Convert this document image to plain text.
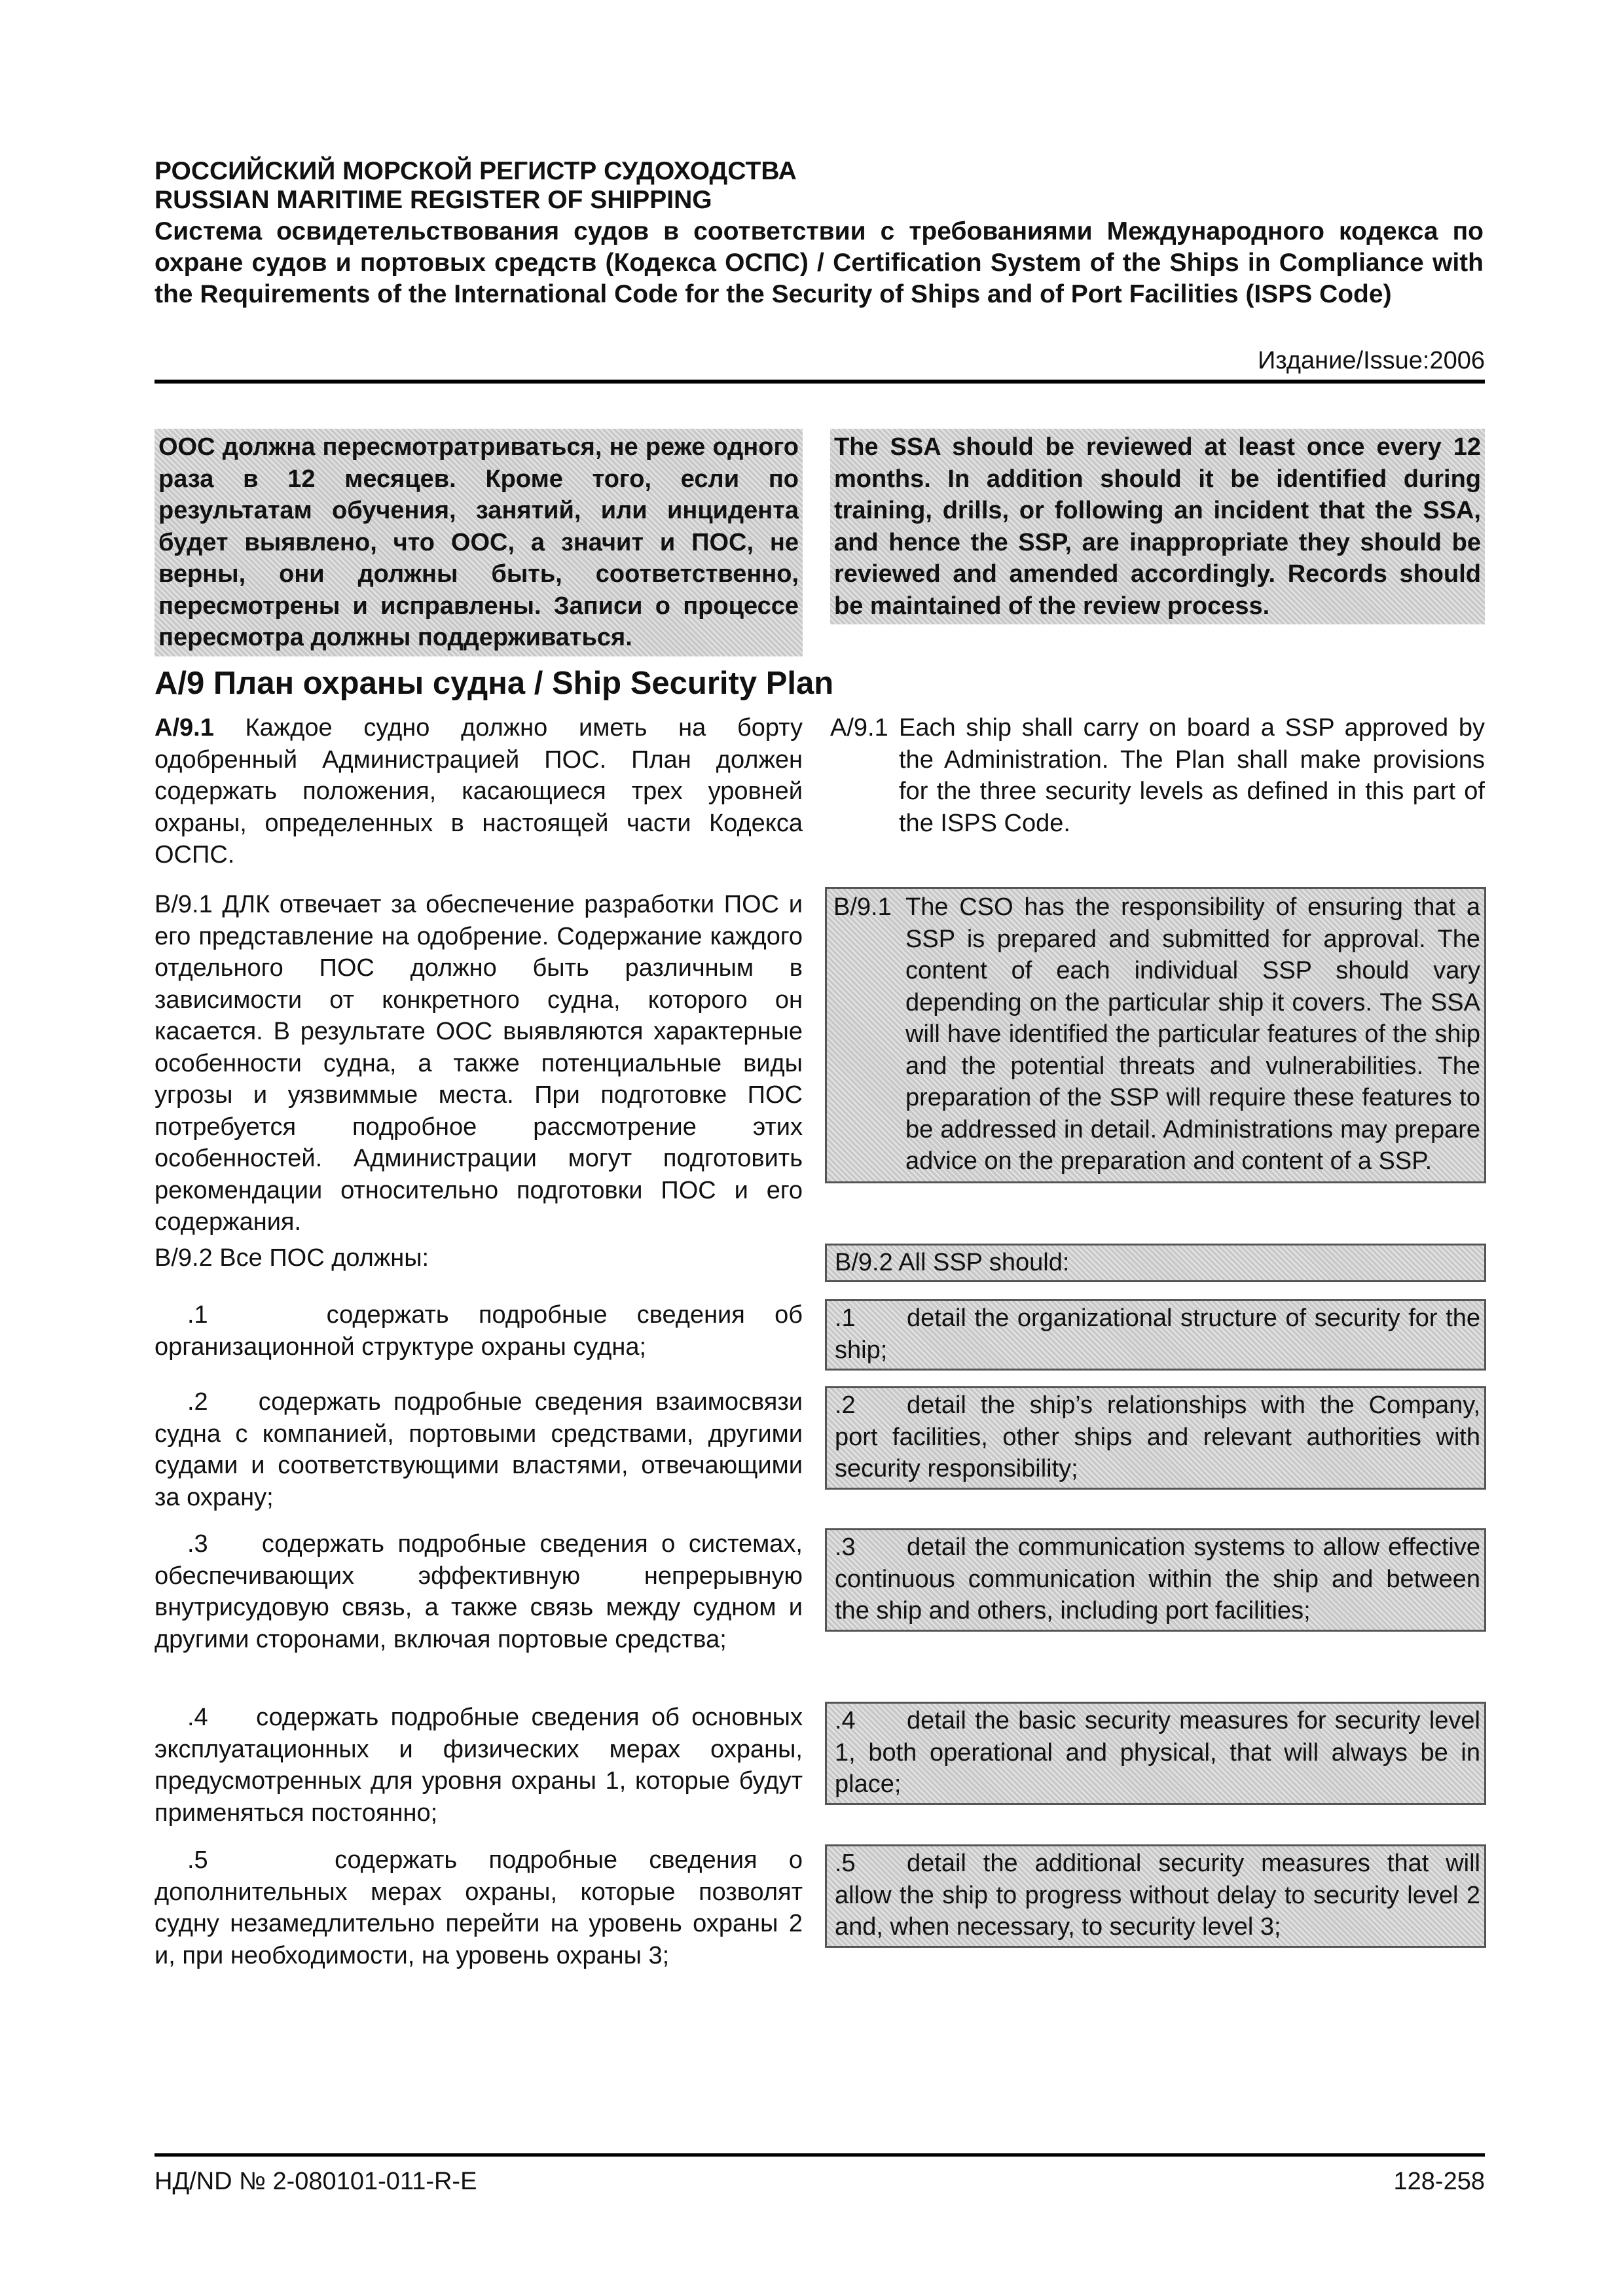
РОССИЙСКИЙ МОРСКОЙ РЕГИСТР СУДОХОДСТВА
RUSSIAN MARITIME REGISTER OF SHIPPING
Система освидетельствования судов в соответствии с требованиями Международного кодекса по охране судов и портовых средств (Кодекса ОСПС) / Certification System of the Ships in Compliance with the Requirements of the International Code for the Security of Ships and of Port Facilities (ISPS Code)
Издание/Issue:2006
ООС должна пересмотратриваться, не реже одного раза в 12 месяцев. Кроме того, если по результатам обучения, занятий, или инцидента будет выявлено, что ООС, а значит и ПОС, не верны, они должны быть, соответственно, пересмотрены и исправлены. Записи о процессе пересмотра должны поддерживаться.
The SSA should be reviewed at least once every 12 months. In addition should it be identified during training, drills, or following an incident that the SSA, and hence the SSP, are inappropriate they should be reviewed and amended accordingly. Records should be maintained of the review process.
A/9 План охраны судна / Ship Security Plan
А/9.1 Каждое судно должно иметь на борту одобренный Администрацией ПОС. План должен содержать положения, касающиеся трех уровней охраны, определенных в настоящей части Кодекса ОСПС.
A/9.1 Each ship shall carry on board a SSP approved by the Administration. The Plan shall make provisions for the three security levels as defined in this part of the ISPS Code.
В/9.1 ДЛК отвечает за обеспечение разработки ПОС и его представление на одобрение. Содержание каждого отдельного ПОС должно быть различным в зависимости от конкретного судна, которого он касается. В результате ООС выявляются характерные особенности судна, а также потенциальные виды угрозы и уязвиммые места. При подготовке ПОС потребуется подробное рассмотрение этих особенностей. Администрации могут подготовить рекомендации относительно подготовки ПОС и его содержания.
B/9.1 The CSO has the responsibility of ensuring that a SSP is prepared and submitted for approval. The content of each individual SSP should vary depending on the particular ship it covers. The SSA will have identified the particular features of the ship and the potential threats and vulnerabilities. The preparation of the SSP will require these features to be addressed in detail. Administrations may prepare advice on the preparation and content of a SSP.
В/9.2 Все ПОС должны:	B/9.2 All SSP should:
.1	содержать подробные сведения об организационной структуре охраны судна;
.1 detail the organizational structure of security for the ship;
.2 содержать подробные сведения взаимосвязи судна с компанией, портовыми средствами, другими судами и соответствующими властями, отвечающими за охрану;
.2 detail the ship’s relationships with the Company, port facilities, other ships and relevant authorities with security responsibility;
.3 содержать подробные сведения о системах, обеспечивающих эффективную непрерывную внутрисудовую связь, а также связь между судном и другими сторонами, включая портовые средства;
.3 detail the communication systems to allow effective continuous communication within the ship and between the ship and others, including port facilities;
.4 содержать подробные сведения об основных эксплуатационных и физических мерах охраны, предусмотренных для уровня охраны 1, которые будут применяться постоянно;
.4 detail the basic security measures for security level 1, both operational and physical, that will always be in place;
.5	содержать подробные сведения о дополнительных мерах охраны, которые позволят судну незамедлительно перейти на уровень охраны 2 и, при необходимости, на уровень охраны 3;
.5 detail the additional security measures that will allow the ship to progress without delay to security level 2 and, when necessary, to security level 3;
НД/ND № 2-080101-011-R-E	128-258
